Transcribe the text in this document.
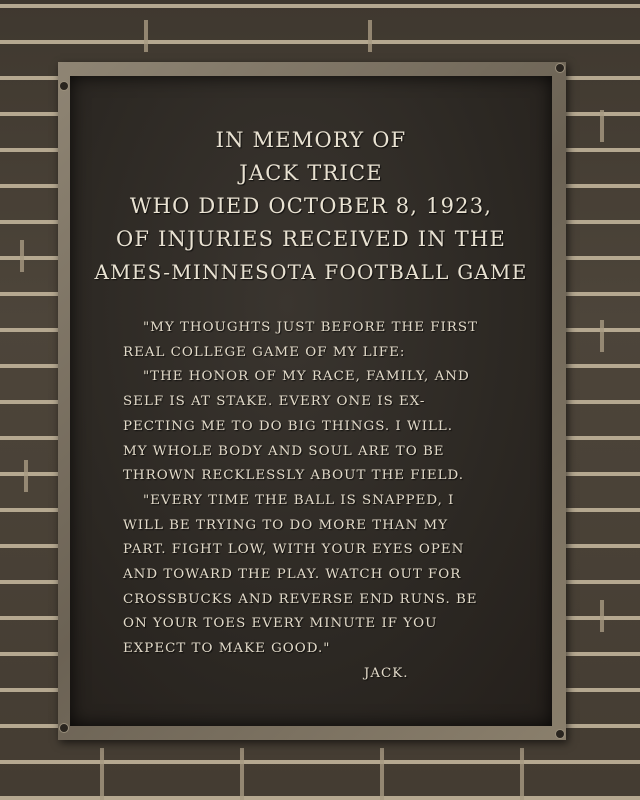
IN MEMORY OF
JACK TRICE
WHO DIED OCTOBER 8, 1923,
OF INJURIES RECEIVED IN THE
AMES-MINNESOTA FOOTBALL GAME
"MY THOUGHTS JUST BEFORE THE FIRST
REAL COLLEGE GAME OF MY LIFE:
"THE HONOR OF MY RACE, FAMILY, AND
SELF IS AT STAKE. EVERY ONE IS EX-
PECTING ME TO DO BIG THINGS. I WILL.
MY WHOLE BODY AND SOUL ARE TO BE
THROWN RECKLESSLY ABOUT THE FIELD.
"EVERY TIME THE BALL IS SNAPPED, I
WILL BE TRYING TO DO MORE THAN MY
PART. FIGHT LOW, WITH YOUR EYES OPEN
AND TOWARD THE PLAY. WATCH OUT FOR
CROSSBUCKS AND REVERSE END RUNS. BE
ON YOUR TOES EVERY MINUTE IF YOU
EXPECT TO MAKE GOOD."
JACK.
